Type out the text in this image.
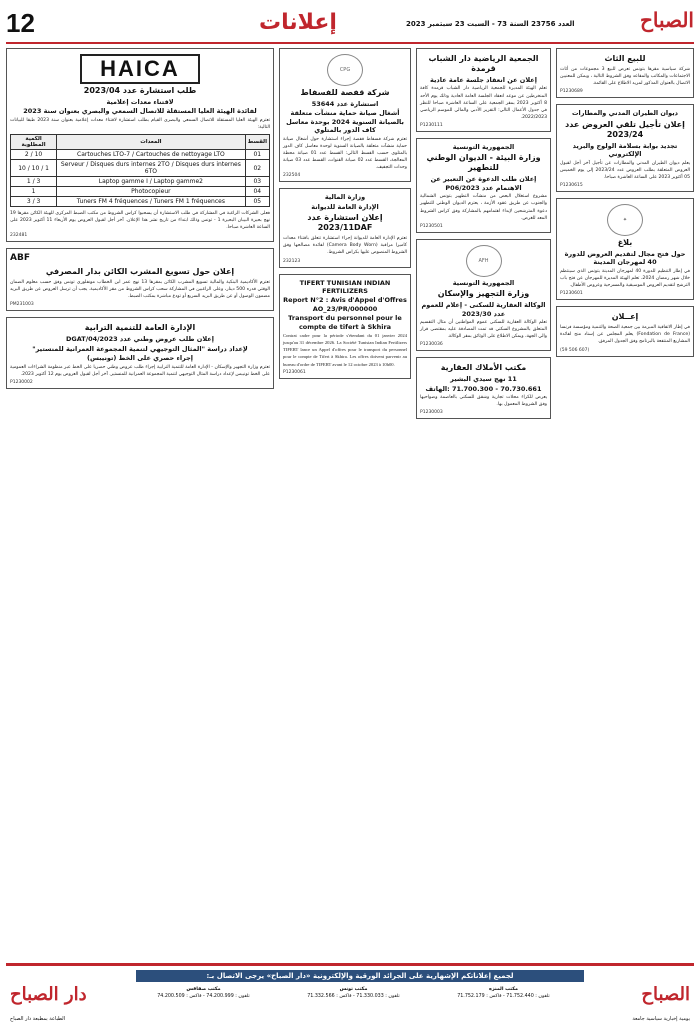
12	إعلانات	العدد 23756 السنة 73 - السبت 23 سبتمبر 2023	الصباح
للبيع الثاث
شركة سياسية مقرها بتونس تعرض للبيع 3 مجموعات من أثاث الاجتماعات والمكاتب والمقاعد وفق الشروط التالية ، ويمكن للمعنيين الاتصال بالعنوان المذكور لمزيد الاطلاع على القائمة.
P1230689
ديوان الطيران المدني والمطارات
إعلان تأجيل تلقي العروض عدد 2023/24
تجديد بوابة بسلامة الولوج والبريد الإلكتروني
يعلم ديوان الطيران المدني والمطارات عن تأجيل آخر أجل لقبول العروض المتعلقة بطلب العروض عدد 2023/24 إلى يوم الخميس 05 أكتوبر 2023 على الساعة العاشرة صباحا.
P1230615
✦
بلاغ
حول فتح مجال لتقديم العروض للدورة 40 لمهرجان المدينة
في إطار التنظيم للدورة 40 لمهرجان المدينة بتونس الذي سينتظم خلال شهر رمضان 2024، تعلم الهيئة المديرة للمهرجان عن فتح باب الترشح لتقديم العروض الموسيقية والمسرحية وعروض الأطفال.
P1230601
إعــلان
في إطار الاتفاقية المبرمة بين جمعية الصحة والتنمية ومؤسسة فرنسا (Fondation de France) يعلم المجلس عن إسناد منح لفائدة المشاريع المنتفعة بالبرنامج وفق الجدول المرفق.
(59 506 607)
الجمعية الرياضية دار الشباب قرمدة
إعلان عن انعقاد جلسة عامة عادية
تعلم الهيئة المديرة للجمعية الرياضية دار الشباب قرمدة كافة المنخرطين عن موعد انعقاد الجلسة العامة العادية وذلك يوم الأحد 8 أكتوبر 2023 بمقر الجمعية على الساعة العاشرة صباحا للنظر في جدول الأعمال التالي: التقرير الأدبي والمالي للموسم الرياضي 2022/2023.
P1230111
الجمهورية التونسية
وزارة البيئة - الديوان الوطني للتطهير
إعلان طلب الدعوة عن التعبير عن الاهتمام عدد 2023/P06
مشروع استغلال البعض من منشآت التطهير بتونس الشمالية والجنوب عن طريق عقود الأزمة ، يعتزم الديوان الوطني للتطهير دعوة المترشحين لإبداء اهتمامهم بالمشاركة وفق كراس الشروط المعد للغرض.
P1230501
AFH
الجمهورية التونسية
وزارة التجهيز والإسكان
الوكالة العقارية للسكنى - إعلام للعموم عدد 2023/30
تعلم الوكالة العقارية للسكنى عموم المواطنين أن مثال التقسيم المتعلق بالمشروع السكني قد تمت المصادقة عليه بمقتضى قرار والي الجهة، ويمكن الاطلاع على الوثائق بمقر الوكالة.
P1230036
مكتب الأملاك العقارية
11 نهج سيدي البشير
70.730.661 - 71.700.300 :الهاتف
يعرض للكراء محلات تجارية وشقق للسكنى بالعاصمة وضواحيها وفق الشروط المعمول بها.
P1230003
CPG
شركة قفصة للفسفاط
استشارة عدد 53644
أشغال صيانة حماية منشآت متعلقة بالصيانة السنوية 2024 بوحدة معاسل كاف الدور بالمتلوي
تعتزم شركة فسفاط قفصة إجراء استشارة حول أشغال صيانة حماية منشآت متعلقة بالصيانة السنوية لوحدة معاسل كاف الدور بالمتلوي حسب القسط التالي: القسط عدد 01 صيانة محطة المعالجة، القسط عدد 02 صيانة القنوات، القسط عدد 03 صيانة وحدات التجفيف.
232504
وزارة المالية
الإدارة العامة للديوانة
إعلان استشارة عدد 2023/11DAF
تعتزم الإدارة العامة للديوانة إجراء استشارة تتعلق باقتناء معدات كاميرا مراقبة (Camera Body Worn) لفائدة مصالحها وفق الشروط المنصوص عليها بكراس الشروط.
232123
TIFERT TUNISIAN INDIAN FERTILIZERS
Report N°2 : Avis d'Appel d'Offres AO_23/PR/000000
Transport du personnel pour le compte de tifert à Skhira
Contrat cadre pour la période s'étendant du 01 janvier 2024 jusqu'au 31 décembre 2026. La Société Tunisian Indian Fertilizers TIFERT lance un Appel d'offres pour le transport du personnel pour le compte de Tifert à Skhira. Les offres doivent parvenir au bureau d'ordre de TIFERT avant le 12 octobre 2023 à 10h00.
P1230061
HAICA
طلب استشارة عدد 2023/04
لاقتناء معدات إعلامية
لفائدة الهيئة العليا المستقلة للاتصال السمعي والبصري بعنوان سنة 2023
تعتزم الهيئة العليا المستقلة للاتصال السمعي والبصري القيام بطلب استشارة لاقتناء معدات إعلامية بعنوان سنة 2023 طبقا للبيانات التالية:
القسط	المعدات	الكمية المطلوبة
01	Cartouches LTO-7 / Cartouches de nettoyage LTO	10 / 2
02	Serveur / Disques durs internes 2TO / Disques durs internes 6TO	1 / 10 / 10
03	Laptop gamme I / Laptop gamme2	3 / 1
04	Photocopieur	1
05	Tuners FM 4 fréquences / Tuners FM 1 fréquences	3 / 3
فعلى الشركات الراغبة في المشاركة في طلب الاستشارة أن يسحبوا كراس الشروط من مكتب الضبط المركزي للهيئة الكائن مقرها 19 نهج بحيرة البيبان البحيرة 1 - تونس وذلك ابتداء من تاريخ نشر هذا الإعلان. آخر أجل لقبول العروض يوم الأربعاء 11 أكتوبر 2023 على الساعة العاشرة صباحا.
232481
ABF
إعلان حول تسويغ المشرب الكائن بدار المصرفي
تعتزم الأكاديمية البنكية والمالية تسويغ المشرب الكائن بمقرها 13 نهج عمر ابن الخطاب مونفلوري تونس وفق حسب معلوم الضمان الوقتي قدره 500 دينار، وعلى الراغبين في المشاركة سحب كراس الشروط من مقر الأكاديمية. يجب أن ترسل العروض عن طريق البريد مضمون الوصول أو عن طريق البريد السريع أو تودع مباشرة بمكتب الضبط.
PM231003
الإدارة العامة للتنمية الترابية
إعلان طلب عروض وطني عدد 2023/DGAT/04
لإعداد دراسة "المثال التوجيهي لتنمية المجموعة العمرانية للمنستير"
إجراء حصري على الخط (تونيبس)
تعتزم وزارة التجهيز والإسكان - الإدارة العامة للتنمية الترابية إجراء طلب عروض وطني حصريا على الخط عبر منظومة الشراءات العمومية على الخط تونيبس لإعداد دراسة المثال التوجيهي لتنمية المجموعة العمرانية للمنستير. آخر أجل لقبول العروض يوم 12 أكتوبر 2023.
P1230002
دار الصباح
لجميع إعلاناتكم الإشهارية على الجرائد الورقية والإلكترونية «دار الصباح» يرجى الاتصال بـ:
مكتب صفاقس
تلفون : 74.200.999 - فاكس : 74.200.509
مكتب تونس
تلفون : 71.330.033 - فاكس : 71.332.566
مكتب المنزه
تلفون : 71.752.440 - فاكس : 71.752.179	الصباح
يومية إخبارية سياسية جامعة
الطباعة بمطبعة دار الصباح
